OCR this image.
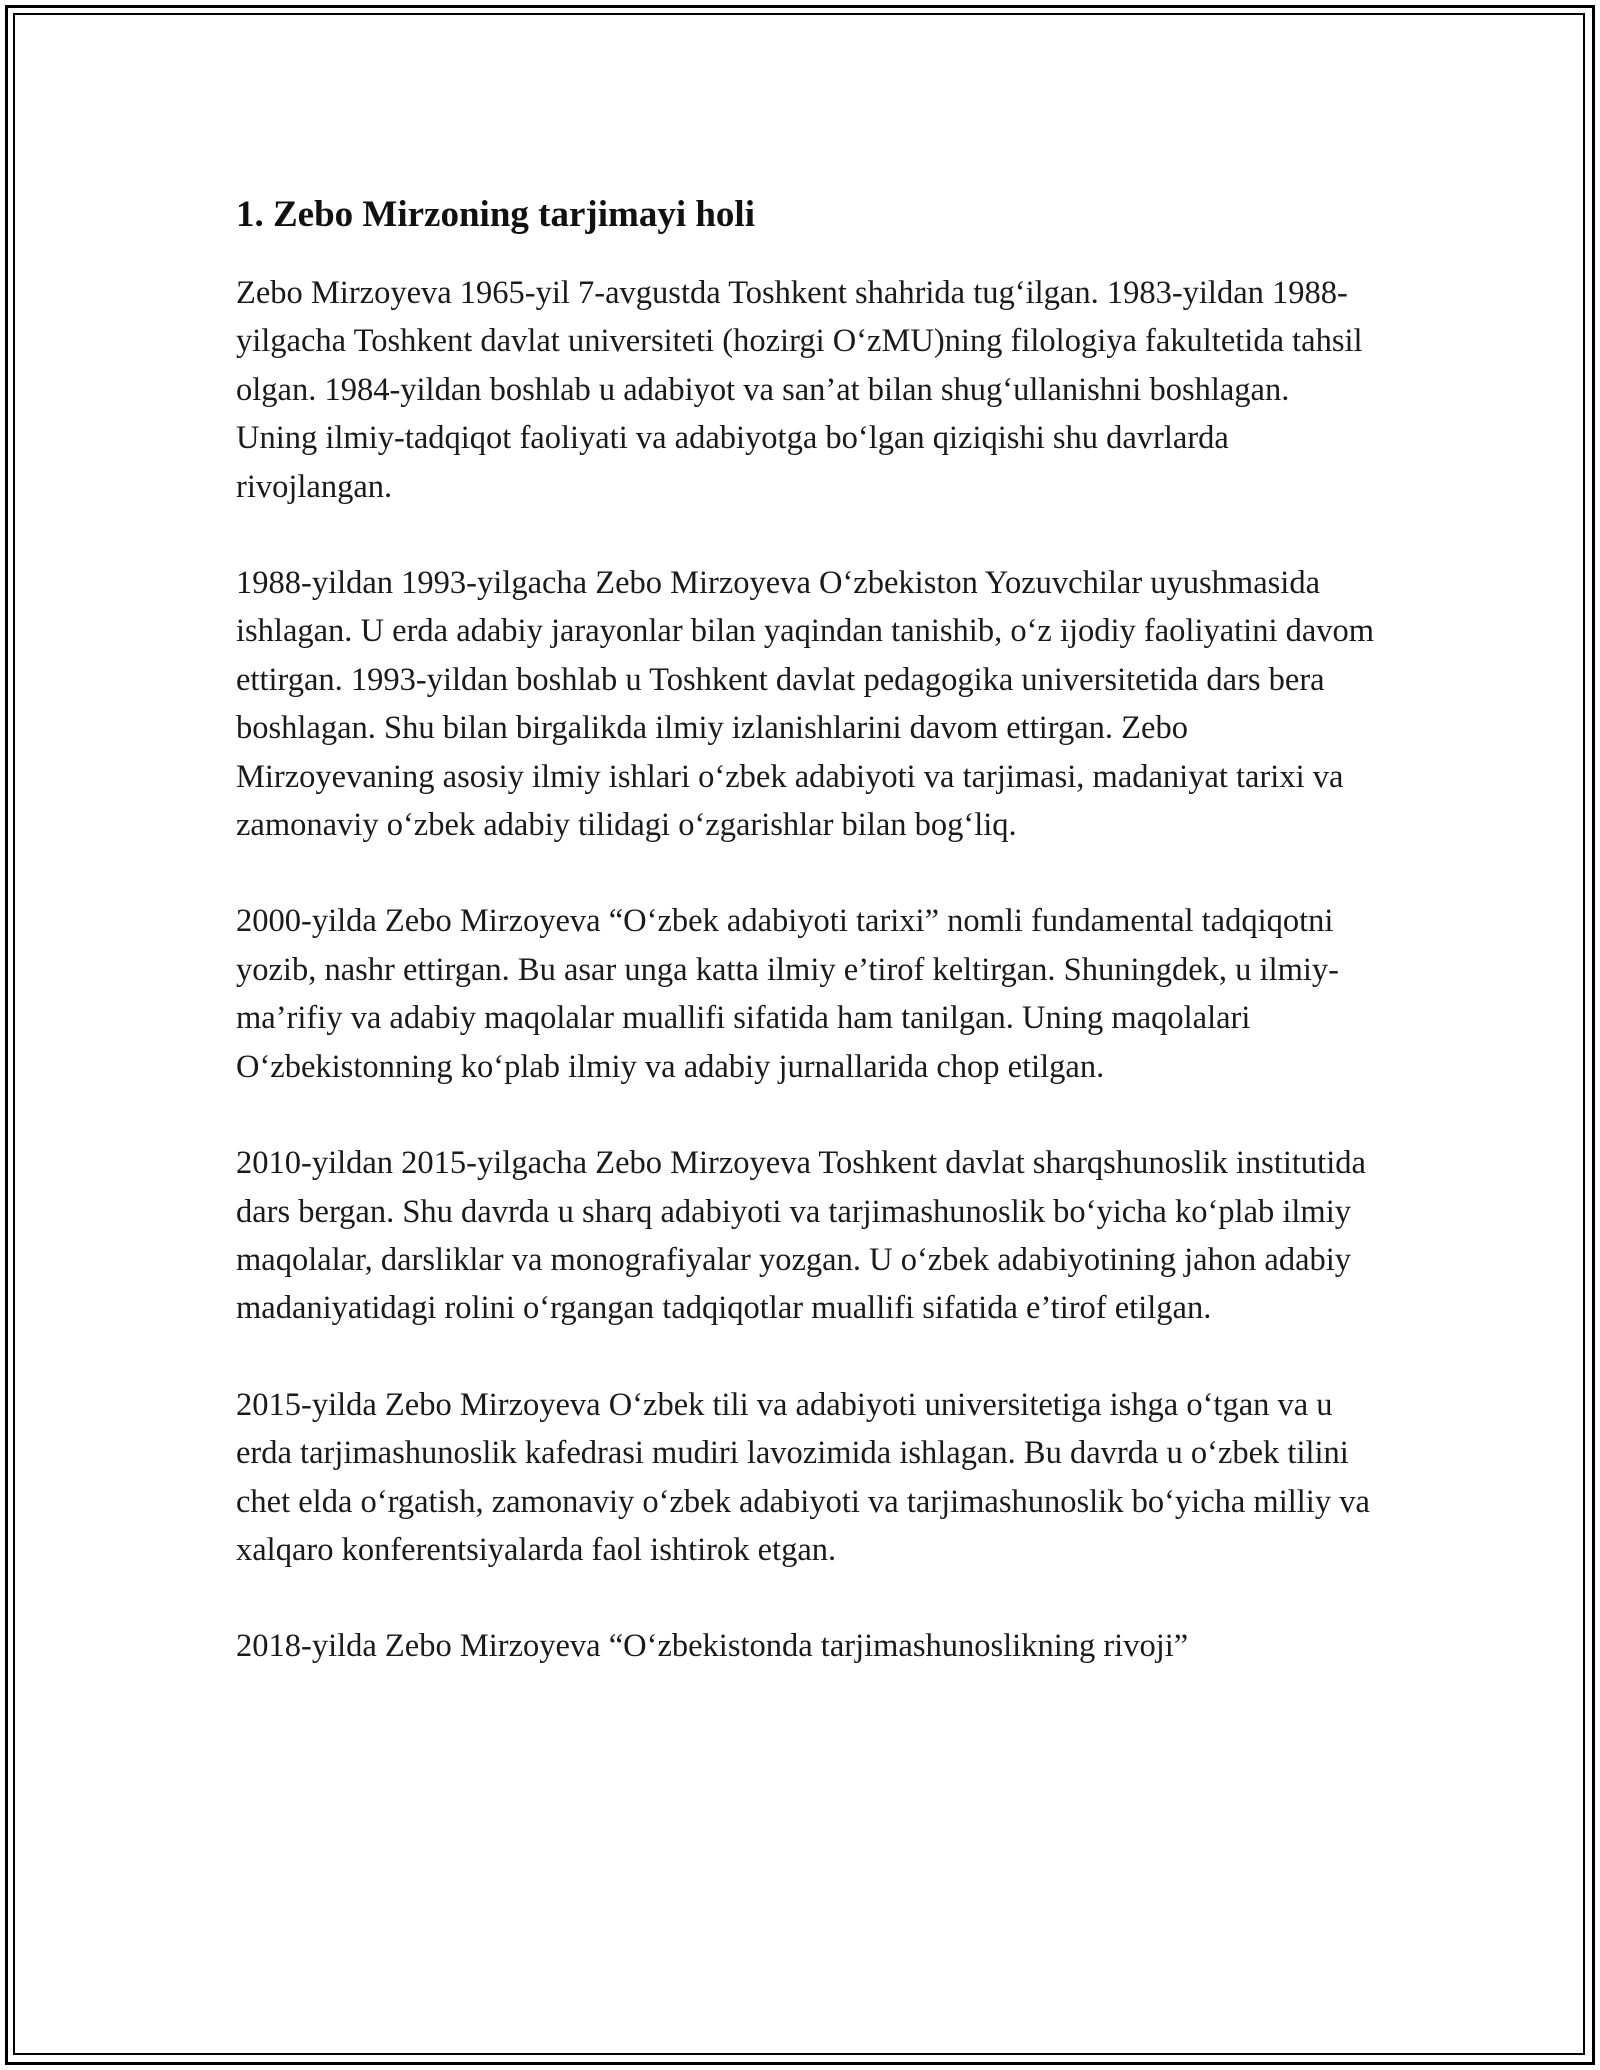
1. Zebo Mirzoning tarjimayi holi

Zebo Mirzoyeva 1965-yil 7-avgustda Toshkent shahrida tug‘ilgan. 1983-yildan 1988-yilgacha Toshkent davlat universiteti (hozirgi O‘zMU)ning filologiya fakultetida tahsil olgan. 1984-yildan boshlab u adabiyot va san’at bilan shug‘ullanishni boshlagan. Uning ilmiy-tadqiqot faoliyati va adabiyotga bo‘lgan qiziqishi shu davrlarda rivojlangan.

1988-yildan 1993-yilgacha Zebo Mirzoyeva O‘zbekiston Yozuvchilar uyushmasida ishlagan. U erda adabiy jarayonlar bilan yaqindan tanishib, o‘z ijodiy faoliyatini davom ettirgan. 1993-yildan boshlab u Toshkent davlat pedagogika universitetida dars bera boshlagan. Shu bilan birgalikda ilmiy izlanishlarini davom ettirgan. Zebo Mirzoyevaning asosiy ilmiy ishlari o‘zbek adabiyoti va tarjimasi, madaniyat tarixi va zamonaviy o‘zbek adabiy tilidagi o‘zgarishlar bilan bog‘liq.

2000-yilda Zebo Mirzoyeva “O‘zbek adabiyoti tarixi” nomli fundamental tadqiqotni yozib, nashr ettirgan. Bu asar unga katta ilmiy e’tirof keltirgan. Shuningdek, u ilmiy-ma’rifiy va adabiy maqolalar muallifi sifatida ham tanilgan. Uning maqolalari O‘zbekistonning ko‘plab ilmiy va adabiy jurnallarida chop etilgan.

2010-yildan 2015-yilgacha Zebo Mirzoyeva Toshkent davlat sharqshunoslik institutida dars bergan. Shu davrda u sharq adabiyoti va tarjimashunoslik bo‘yicha ko‘plab ilmiy maqolalar, darsliklar va monografiyalar yozgan. U o‘zbek adabiyotining jahon adabiy madaniyatidagi rolini o‘rgangan tadqiqotlar muallifi sifatida e’tirof etilgan.

2015-yilda Zebo Mirzoyeva O‘zbek tili va adabiyoti universitetiga ishga o‘tgan va u erda tarjimashunoslik kafedrasi mudiri lavozimida ishlagan. Bu davrda u o‘zbek tilini chet elda o‘rgatish, zamonaviy o‘zbek adabiyoti va tarjimashunoslik bo‘yicha milliy va xalqaro konferentsiyalarda faol ishtirok etgan.

2018-yilda Zebo Mirzoyeva “O‘zbekistonda tarjimashunoslikning rivoji”
